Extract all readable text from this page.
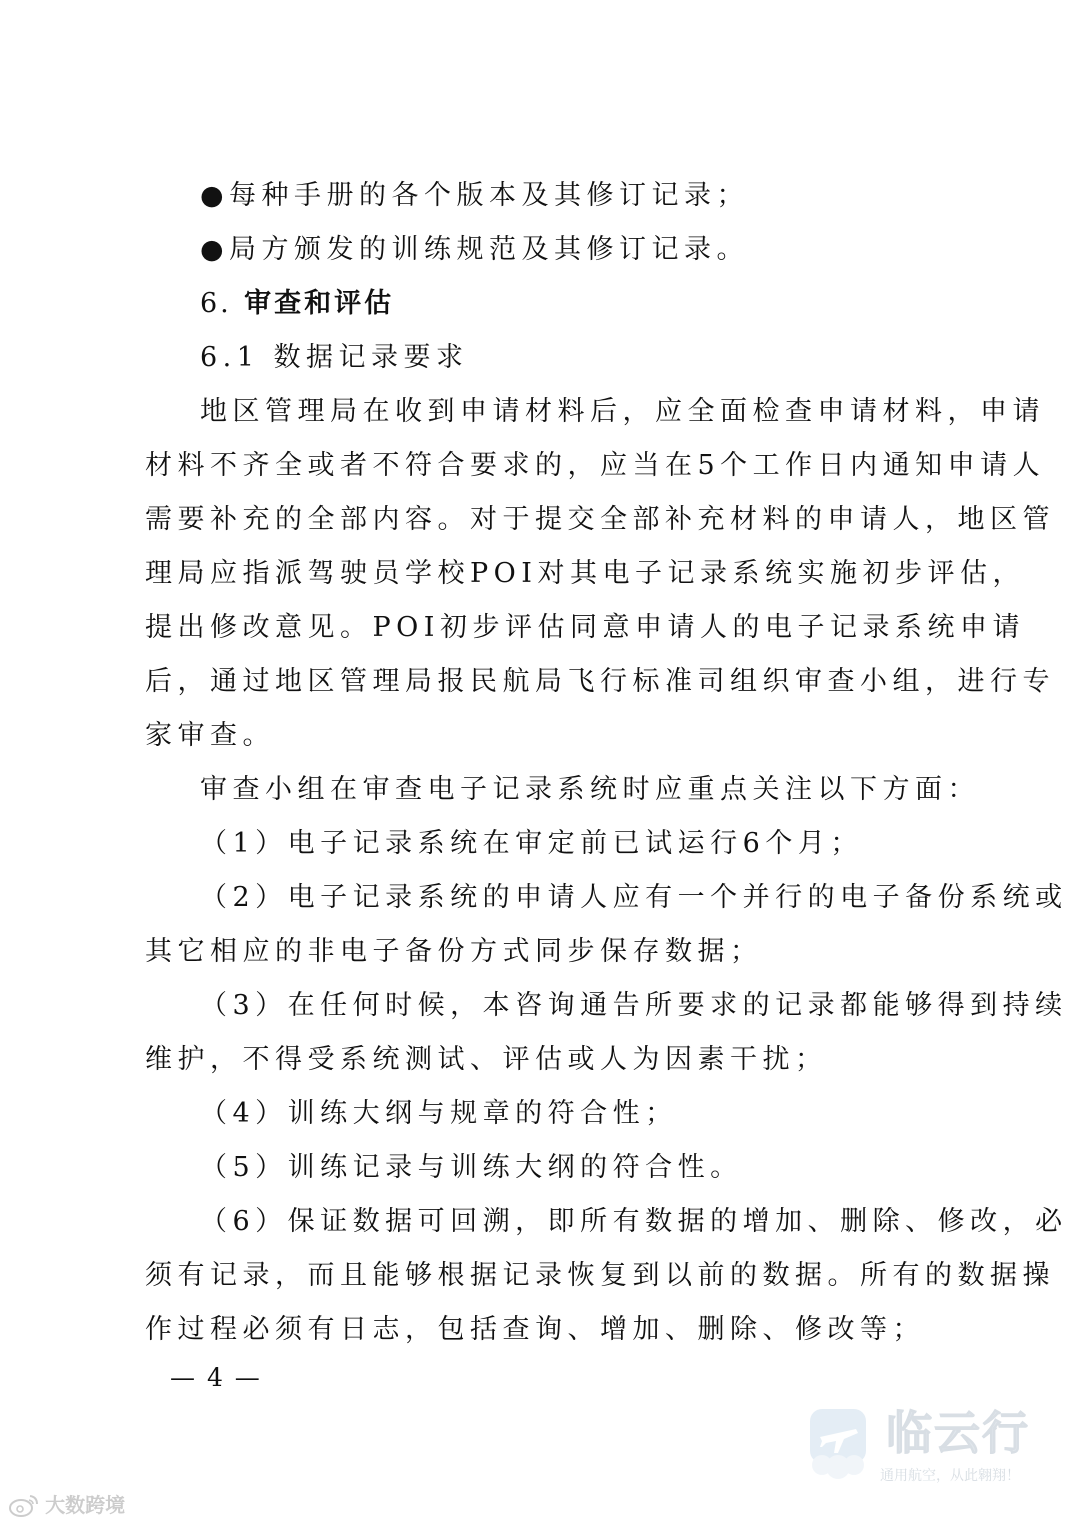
●每种手册的各个版本及其修订记录；
●局方颁发的训练规范及其修订记录。
6. 审查和评估
6.1 数据记录要求
地区管理局在收到申请材料后，应全面检查申请材料，申请
材料不齐全或者不符合要求的，应当在5个工作日内通知申请人
需要补充的全部内容。对于提交全部补充材料的申请人，地区管
理局应指派驾驶员学校POI对其电子记录系统实施初步评估，
提出修改意见。POI初步评估同意申请人的电子记录系统申请
后，通过地区管理局报民航局飞行标准司组织审查小组，进行专
家审查。
审查小组在审查电子记录系统时应重点关注以下方面：
（1）电子记录系统在审定前已试运行6个月；
（2）电子记录系统的申请人应有一个并行的电子备份系统或
其它相应的非电子备份方式同步保存数据；
（3）在任何时候，本咨询通告所要求的记录都能够得到持续
维护，不得受系统测试、评估或人为因素干扰；
（4）训练大纲与规章的符合性；
（5）训练记录与训练大纲的符合性。
（6）保证数据可回溯，即所有数据的增加、删除、修改，必
须有记录，而且能够根据记录恢复到以前的数据。所有的数据操
作过程必须有日志，包括查询、增加、删除、修改等；
— 4 —
临云行
通用航空，从此翱翔！
大数跨境
